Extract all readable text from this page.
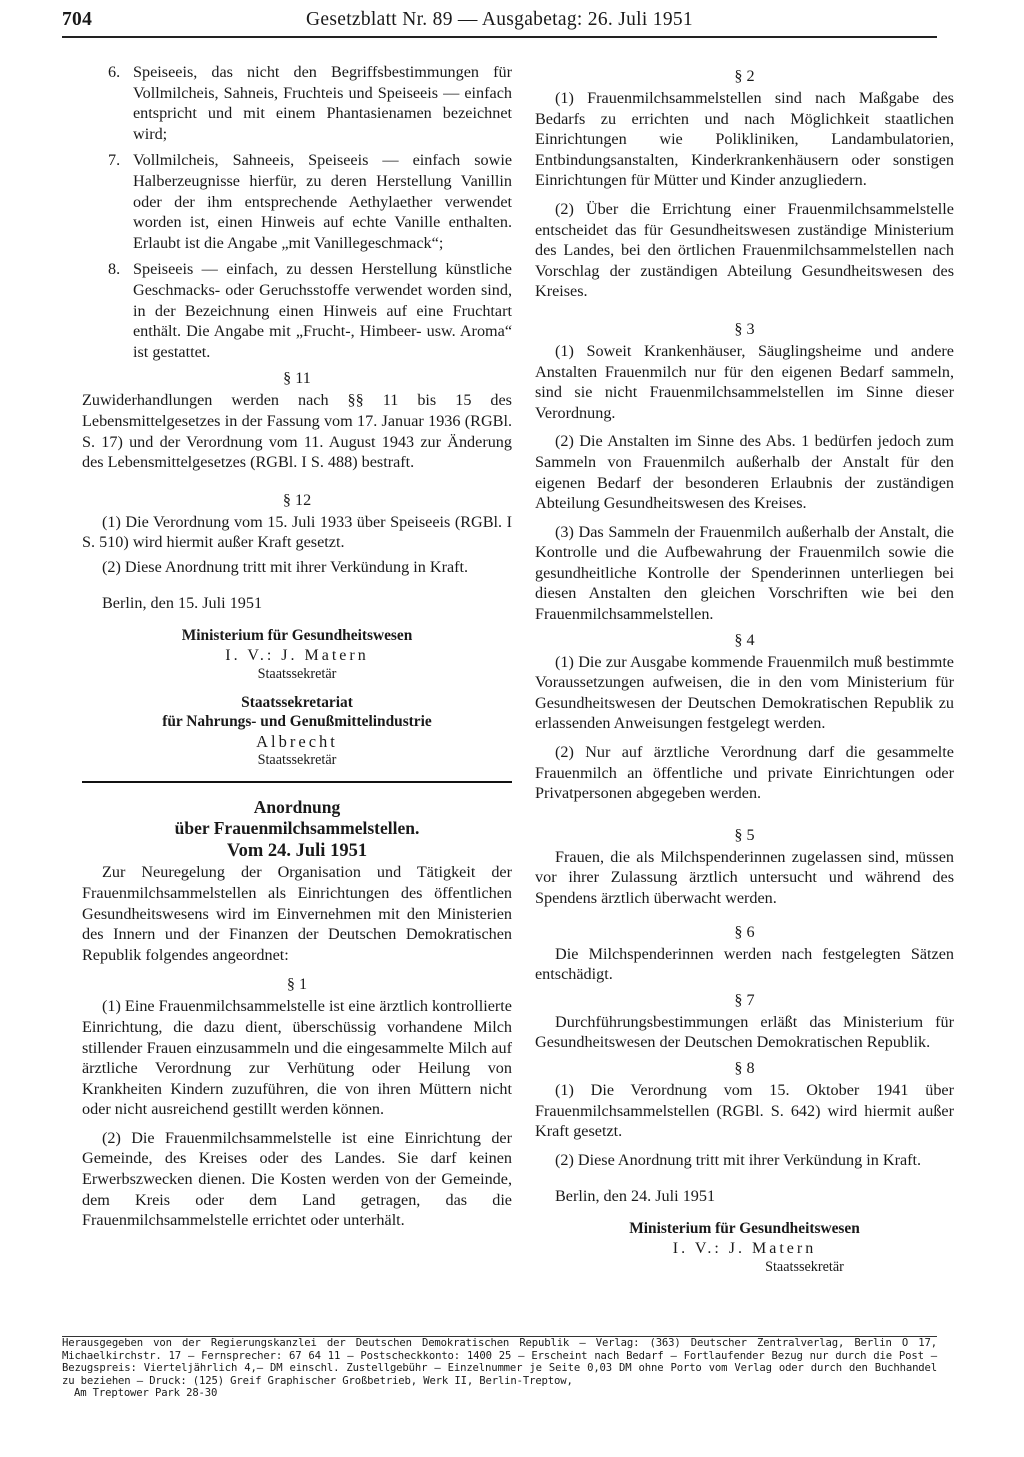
704	Gesetzblatt Nr. 89 — Ausgabetag: 26. Juli 1951
6. Speiseeis, das nicht den Begriffsbestimmungen für Vollmilcheis, Sahneis, Fruchteis und Speiseeis — einfach entspricht und mit einem Phantasienamen bezeichnet wird;
7. Vollmilcheis, Sahneeis, Speiseeis — einfach sowie Halberzeugnisse hierfür, zu deren Herstellung Vanillin oder der ihm entsprechende Aethylaether verwendet worden ist, einen Hinweis auf echte Vanille enthalten. Erlaubt ist die Angabe „mit Vanillegeschmack“;
8. Speiseeis — einfach, zu dessen Herstellung künstliche Geschmacks- oder Geruchsstoffe verwendet worden sind, in der Bezeichnung einen Hinweis auf eine Fruchtart enthält. Die Angabe mit „Frucht-, Himbeer- usw. Aroma“ ist gestattet.
§ 11

Zuwiderhandlungen werden nach §§ 11 bis 15 des Lebensmittelgesetzes in der Fassung vom 17. Januar 1936 (RGBl. S. 17) und der Verordnung vom 11. August 1943 zur Änderung des Lebensmittelgesetzes (RGBl. I S. 488) bestraft.

§ 12

(1) Die Verordnung vom 15. Juli 1933 über Speiseeis (RGBl. I S. 510) wird hiermit außer Kraft gesetzt.

(2) Diese Anordnung tritt mit ihrer Verkündung in Kraft.

Berlin, den 15. Juli 1951

Ministerium für Gesundheitswesen

I. V.: J. Matern

Staatssekretär

Staatssekretariat

für Nahrungs- und Genußmittelindustrie

Albrecht

Staatssekretär

Anordnung

über Frauenmilchsammelstellen.

Vom 24. Juli 1951

Zur Neuregelung der Organisation und Tätigkeit der Frauenmilchsammelstellen als Einrichtungen des öffentlichen Gesundheitswesens wird im Einvernehmen mit den Ministerien des Innern und der Finanzen der Deutschen Demokratischen Republik folgendes angeordnet:

§ 1

(1) Eine Frauenmilchsammelstelle ist eine ärztlich kontrollierte Einrichtung, die dazu dient, überschüssig vorhandene Milch stillender Frauen einzusammeln und die eingesammelte Milch auf ärztliche Verordnung zur Verhütung oder Heilung von Krankheiten Kindern zuzuführen, die von ihren Müttern nicht oder nicht ausreichend gestillt werden können.

(2) Die Frauenmilchsammelstelle ist eine Einrichtung der Gemeinde, des Kreises oder des Landes. Sie darf keinen Erwerbszwecken dienen. Die Kosten werden von der Gemeinde, dem Kreis oder dem Land getragen, das die Frauenmilchsammelstelle errichtet oder unterhält.

§ 2

(1) Frauenmilchsammelstellen sind nach Maßgabe des Bedarfs zu errichten und nach Möglichkeit staatlichen Einrichtungen wie Polikliniken, Landambulatorien, Entbindungsanstalten, Kinderkrankenhäusern oder sonstigen Einrichtungen für Mütter und Kinder anzugliedern.

(2) Über die Errichtung einer Frauenmilchsammelstelle entscheidet das für Gesundheitswesen zuständige Ministerium des Landes, bei den örtlichen Frauenmilchsammelstellen nach Vorschlag der zuständigen Abteilung Gesundheitswesen des Kreises.

§ 3

(1) Soweit Krankenhäuser, Säuglingsheime und andere Anstalten Frauenmilch nur für den eigenen Bedarf sammeln, sind sie nicht Frauenmilchsammelstellen im Sinne dieser Verordnung.

(2) Die Anstalten im Sinne des Abs. 1 bedürfen jedoch zum Sammeln von Frauenmilch außerhalb der Anstalt für den eigenen Bedarf der besonderen Erlaubnis der zuständigen Abteilung Gesundheitswesen des Kreises.

(3) Das Sammeln der Frauenmilch außerhalb der Anstalt, die Kontrolle und die Aufbewahrung der Frauenmilch sowie die gesundheitliche Kontrolle der Spenderinnen unterliegen bei diesen Anstalten den gleichen Vorschriften wie bei den Frauenmilchsammelstellen.

§ 4

(1) Die zur Ausgabe kommende Frauenmilch muß bestimmte Voraussetzungen aufweisen, die in den vom Ministerium für Gesundheitswesen der Deutschen Demokratischen Republik zu erlassenden Anweisungen festgelegt werden.

(2) Nur auf ärztliche Verordnung darf die gesammelte Frauenmilch an öffentliche und private Einrichtungen oder Privatpersonen abgegeben werden.

§ 5

Frauen, die als Milchspenderinnen zugelassen sind, müssen vor ihrer Zulassung ärztlich untersucht und während des Spendens ärztlich überwacht werden.

§ 6

Die Milchspenderinnen werden nach festgelegten Sätzen entschädigt.

§ 7

Durchführungsbestimmungen erläßt das Ministerium für Gesundheitswesen der Deutschen Demokratischen Republik.

§ 8

(1) Die Verordnung vom 15. Oktober 1941 über Frauenmilchsammelstellen (RGBl. S. 642) wird hiermit außer Kraft gesetzt.

(2) Diese Anordnung tritt mit ihrer Verkündung in Kraft.

Berlin, den 24. Juli 1951

Ministerium für Gesundheitswesen

I. V.: J. Matern

Staatssekretär

Herausgegeben von der Regierungskanzlei der Deutschen Demokratischen Republik — Verlag: (363) Deutscher Zentralverlag, Berlin O 17, Michaelkirchstr. 17 — Fernsprecher: 67 64 11 — Postscheckkonto: 1400 25 — Erscheint nach Bedarf — Fortlaufender Bezug nur durch die Post — Bezugspreis: Vierteljährlich 4,— DM einschl. Zustellgebühr — Einzelnummer je Seite 0,03 DM ohne Porto vom Verlag oder durch den Buchhandel zu beziehen — Druck: (125) Greif Graphischer Großbetrieb, Werk II, Berlin-Treptow,
Am Treptower Park 28-30
